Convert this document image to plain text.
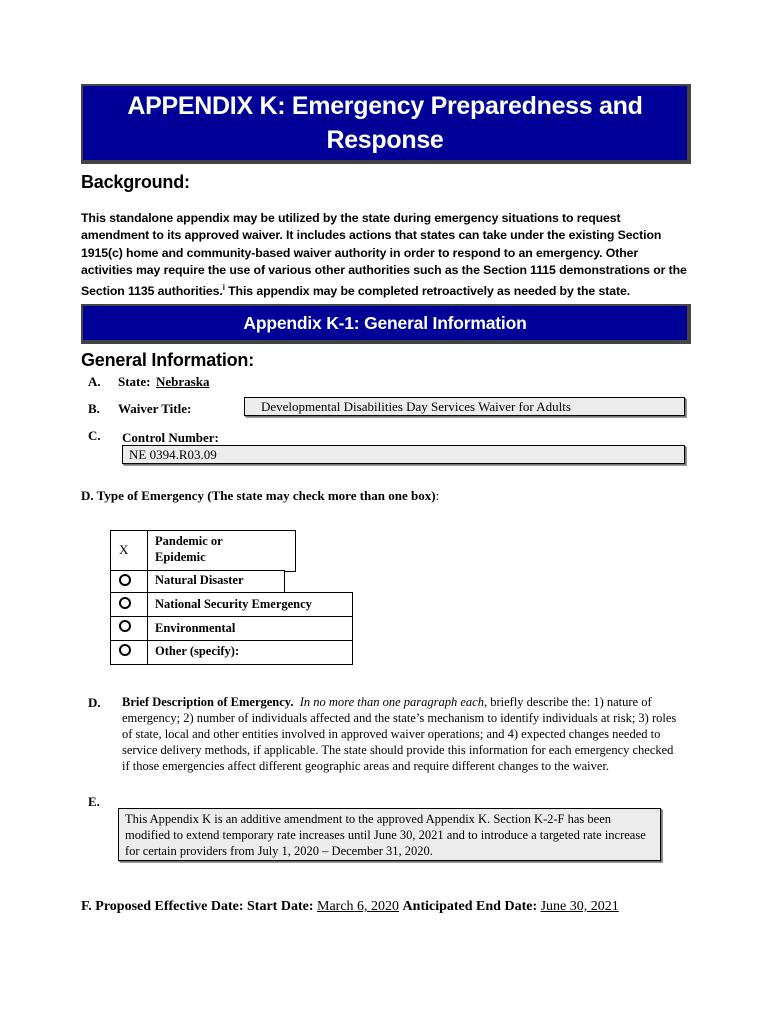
APPENDIX K: Emergency Preparedness and
Response
Background:
This standalone appendix may be utilized by the state during emergency situations to request amendment to its approved waiver. It includes actions that states can take under the existing Section 1915(c) home and community-based waiver authority in order to respond to an emergency. Other activities may require the use of various other authorities such as the Section 1115 demonstrations or the Section 1135 authorities.$^i$ This appendix may be completed retroactively as needed by the state.
Appendix K-1: General Information
General Information:
A. State: Nebraska
B. Waiver Title:	Developmental Disabilities Day Services Waiver for Adults
C. Control Number:
NE 0394.R03.09
D. Type of Emergency (The state may check more than one box):
X
Pandemic or
Epidemic
Natural Disaster
National Security Emergency
Environmental
Other (specify):
D. Brief Description of Emergency. In no more than one paragraph each, briefly describe the: 1) nature of emergency; 2) number of individuals affected and the state’s mechanism to identify individuals at risk; 3) roles of state, local and other entities involved in approved waiver operations; and 4) expected changes needed to service delivery methods, if applicable. The state should provide this information for each emergency checked if those emergencies affect different geographic areas and require different changes to the waiver.
E.
This Appendix K is an additive amendment to the approved Appendix K. Section K-2-F has been modified to extend temporary rate increases until June 30, 2021 and to introduce a targeted rate increase for certain providers from July 1, 2020 – December 31, 2020.
F. Proposed Effective Date: Start Date: March 6, 2020 Anticipated End Date: June 30, 2021
